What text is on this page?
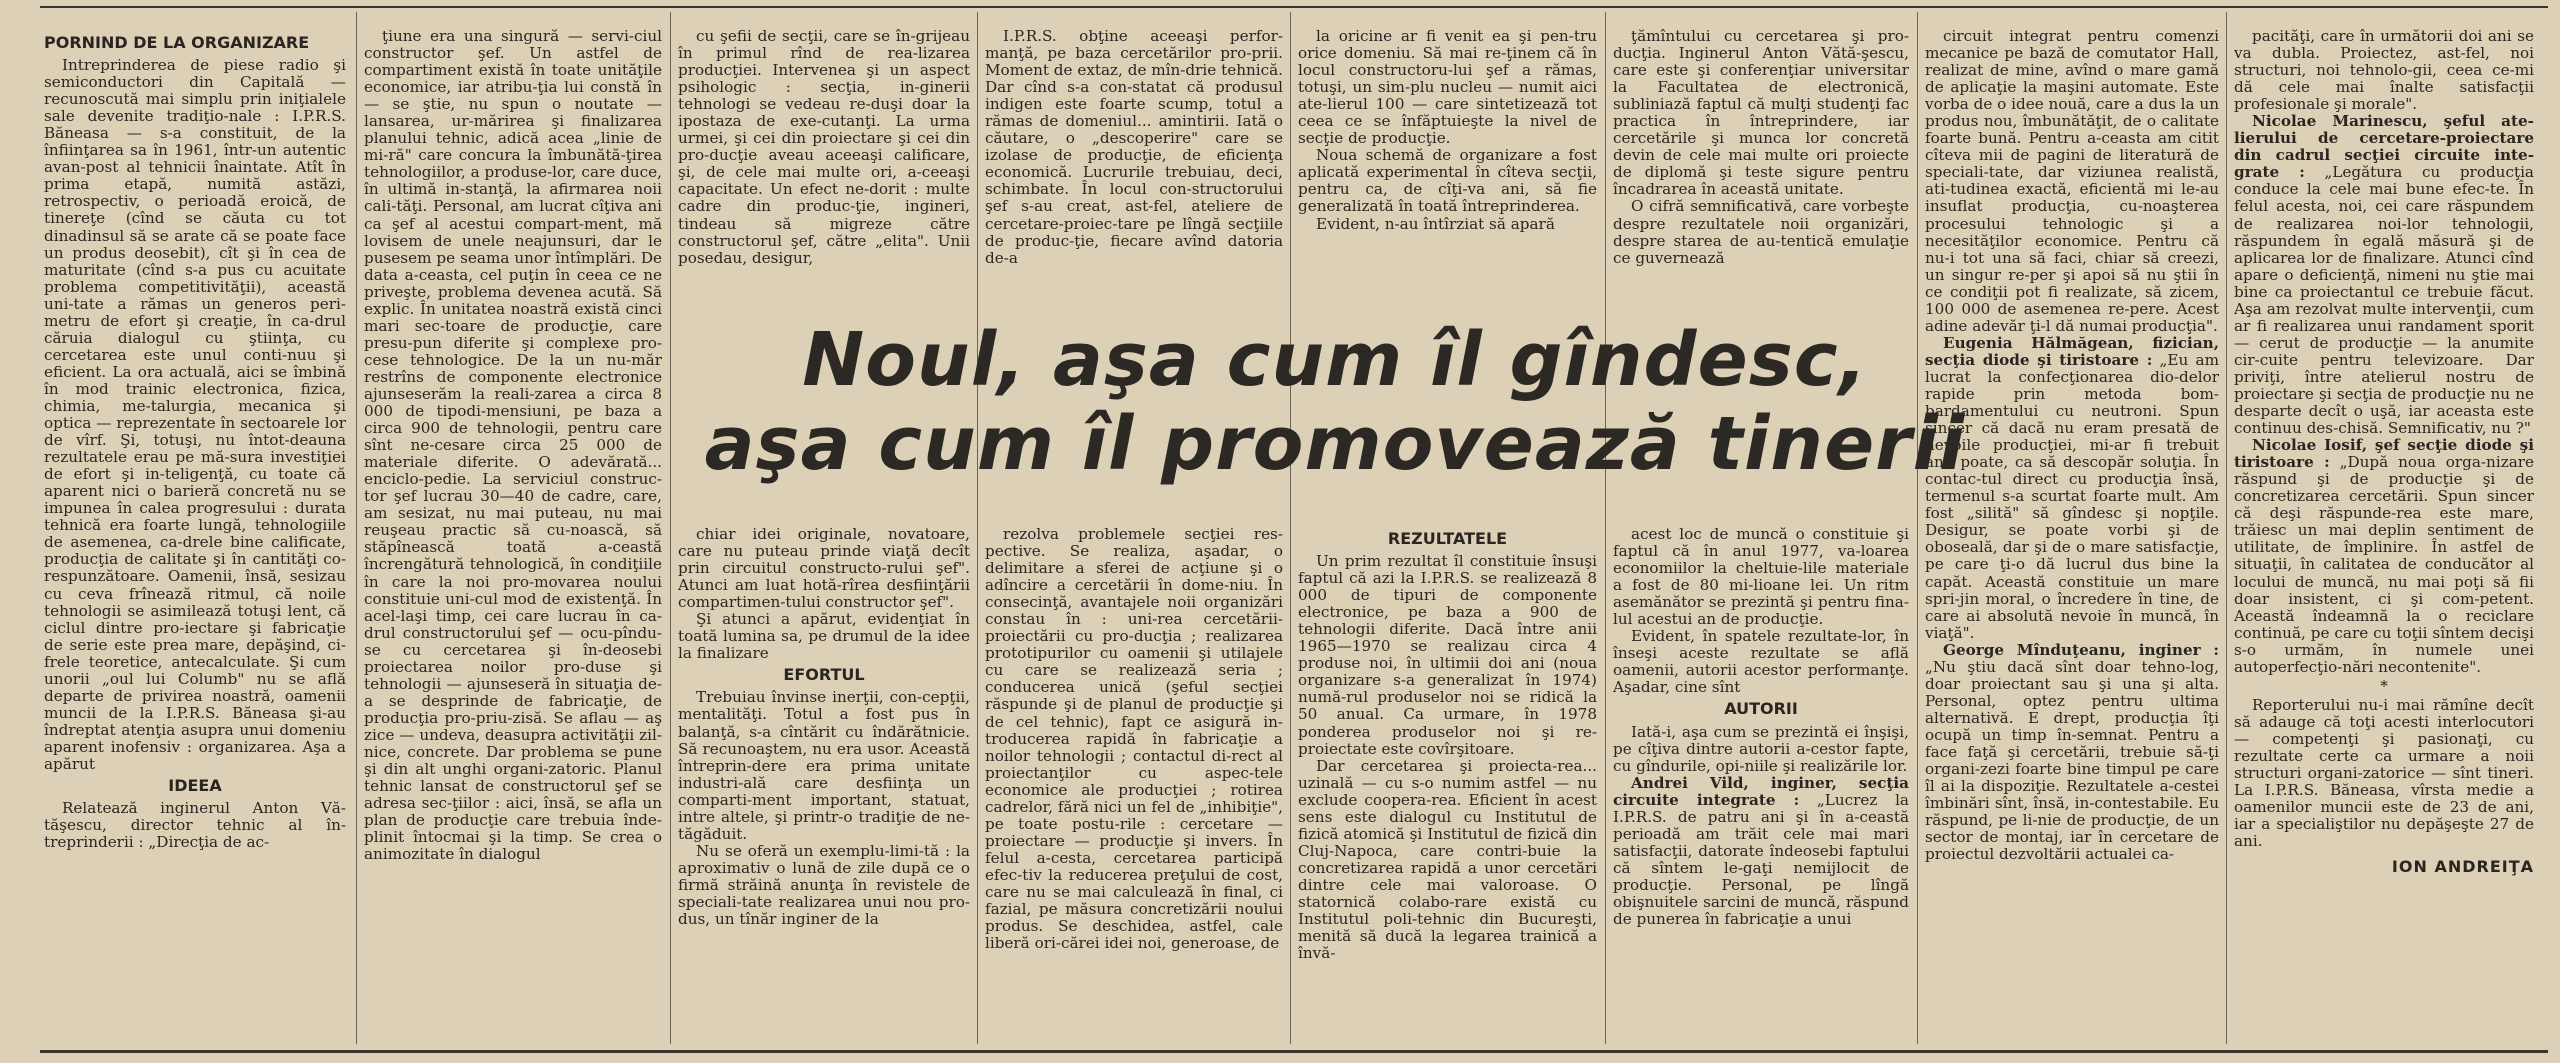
PORNIND DE LA ORGANIZARE

Intreprinderea de piese radio şi semiconductori din Capitală — recunoscută mai simplu prin iniţialele sale devenite tradiţio-nale : I.P.R.S. Băneasa — s-a constituit, de la înfiinţarea sa în 1961, într-un autentic avan-post al tehnicii înaintate. Atît în prima etapă, numită astăzi, retrospectiv, o perioadă eroică, de tinereţe (cînd se căuta cu tot dinadinsul să se arate că se poate face un produs deosebit), cît şi în cea de maturitate (cînd s-a pus cu acuitate problema competitivităţii), această uni-tate a rămas un generos peri-metru de efort şi creaţie, în ca-drul căruia dialogul cu ştiinţa, cu cercetarea este unul conti-nuu şi eficient. La ora actuală, aici se îmbină în mod trainic electronica, fizica, chimia, me-talurgia, mecanica şi optica — reprezentate în sectoarele lor de vîrf. Şi, totuşi, nu întot-deauna rezultatele erau pe mă-sura investiţiei de efort şi in-teligenţă, cu toate că aparent nici o barieră concretă nu se impunea în calea progresului : durata tehnică era foarte lungă, tehnologiile de asemenea, ca-drele bine calificate, producţia de calitate şi în cantităţi co-respunzătoare. Oamenii, însă, sesizau cu ceva frînează ritmul, că noile tehnologii se asimilează totuşi lent, că ciclul dintre pro-iectare şi fabricaţie de serie este prea mare, depăşind, ci-frele teoretice, antecalculate. Şi cum unorii „oul lui Columb" nu se află departe de privirea noastră, oamenii muncii de la I.P.R.S. Băneasa şi-au îndreptat atenţia asupra unui domeniu aparent inofensiv : organizarea. Aşa a apărut

IDEEA

Relatează inginerul Anton Vă-tăşescu, director tehnic al în-treprinderii : „Direcţia de ac-

ţiune era una singură — servi-ciul constructor şef. Un astfel de compartiment există în toate unităţile economice, iar atribu-ţia lui constă în — se ştie, nu spun o noutate — lansarea, ur-mărirea şi finalizarea planului tehnic, adică acea „linie de mi-ră" care concura la îmbunătă-ţirea tehnologiilor, a produse-lor, care duce, în ultimă in-stanţă, la afirmarea noii cali-tăţi. Personal, am lucrat cîţiva ani ca şef al acestui compart-ment, mă lovisem de unele neajunsuri, dar le pusesem pe seama unor întîmplări. De data a-ceasta, cel puţin în ceea ce ne priveşte, problema devenea acută. Să explic. În unitatea noastră există cinci mari sec-toare de producţie, care presu-pun diferite şi complexe pro-cese tehnologice. De la un nu-măr restrîns de componente electronice ajunseserăm la reali-zarea a circa 8 000 de tipodi-mensiuni, pe baza a circa 900 de tehnologii, pentru care sînt ne-cesare circa 25 000 de materiale diferite. O adevărată... enciclo-pedie. La serviciul construc-tor şef lucrau 30—40 de cadre, care, am sesizat, nu mai puteau, nu mai reuşeau practic să cu-noască, să stăpînească toată a-ceastă încrengătură tehnologică, în condiţiile în care la noi pro-movarea noului constituie uni-cul mod de existenţă. În acel-laşi timp, cei care lucrau în ca-drul constructorului şef — ocu-pîndu-se cu cercetarea şi în-deosebi proiectarea noilor pro-duse şi tehnologii — ajunseseră în situaţia de-a se desprinde de fabricaţie, de producţia pro-priu-zisă. Se aflau — aş zice — undeva, deasupra activităţii zil-nice, concrete. Dar problema se pune şi din alt unghi organi-zatoric. Planul tehnic lansat de constructorul şef se adresa sec-ţiilor : aici, însă, se afla un plan de producţie care trebuia înde-plinit întocmai şi la timp. Se crea o animozitate în dialogul

cu şefii de secţii, care se în-grijeau în primul rînd de rea-lizarea producţiei. Intervenea şi un aspect psihologic : secţia, in-ginerii tehnologi se vedeau re-duşi doar la ipostaza de exe-cutanţi. La urma urmei, şi cei din proiectare şi cei din pro-ducţie aveau aceeaşi calificare, şi, de cele mai multe ori, a-ceeaşi capacitate. Un efect ne-dorit : multe cadre din produc-ţie, ingineri, tindeau să migreze către constructorul şef, către „elita". Unii posedau, desigur,

chiar idei originale, novatoare, care nu puteau prinde viaţă decît prin circuitul constructo-rului şef". Atunci am luat hotă-rîrea desfiinţării compartimen-tului constructor şef".

Şi atunci a apărut, evidenţiat în toată lumina sa, pe drumul de la idee la finalizare

EFORTUL

Trebuiau învinse inerţii, con-cepţii, mentalităţi. Totul a fost pus în balanţă, s-a cîntărit cu îndărătnicie. Să recunoaştem, nu era usor. Această întreprin-dere era prima unitate industri-ală care desfiinţa un comparti-ment important, statuat, intre altele, şi printr-o tradiţie de ne-tăgăduit.

Nu se oferă un exemplu-limi-tă : la aproximativ o lună de zile după ce o firmă străină anunţa în revistele de speciali-tate realizarea unui nou pro-dus, un tînăr inginer de la

I.P.R.S. obţine aceeaşi perfor-manţă, pe baza cercetărilor pro-prii. Moment de extaz, de mîn-drie tehnică. Dar cînd s-a con-statat că produsul indigen este foarte scump, totul a rămas de domeniul... amintirii. Iată o căutare, o „descoperire" care se izolase de producţie, de eficienţa economică. Lucrurile trebuiau, deci, schimbate. În locul con-structorului şef s-au creat, ast-fel, ateliere de cercetare-proiec-tare pe lîngă secţiile de produc-ţie, fiecare avînd datoria de-a

rezolva problemele secţiei res-pective. Se realiza, aşadar, o delimitare a sferei de acţiune şi o adîncire a cercetării în dome-niu. În consecinţă, avantajele noii organizări constau în : uni-rea cercetării-proiectării cu pro-ducţia ; realizarea prototipurilor cu oamenii şi utilajele cu care se realizează seria ; conducerea unică (şeful secţiei răspunde şi de planul de producţie şi de cel tehnic), fapt ce asigură in-troducerea rapidă în fabricaţie a noilor tehnologii ; contactul di-rect al proiectanţilor cu aspec-tele economice ale producţiei ; rotirea cadrelor, fără nici un fel de „inhibiţie", pe toate postu-rile : cercetare — proiectare — producţie şi invers. În felul a-cesta, cercetarea participă efec-tiv la reducerea preţului de cost, care nu se mai calculează în final, ci fazial, pe măsura concretizării noului produs. Se deschidea, astfel, cale liberă ori-cărei idei noi, generoase, de

la oricine ar fi venit ea şi pen-tru orice domeniu. Să mai re-ţinem că în locul constructoru-lui şef a rămas, totuşi, un sim-plu nucleu — numit aici ate-lierul 100 — care sintetizează tot ceea ce se înfăptuieşte la nivel de secţie de producţie.

Noua schemă de organizare a fost aplicată experimental în cîteva secţii, pentru ca, de cîţi-va ani, să fie generalizată în toată întreprinderea.

Evident, n-au întîrziat să apară

REZULTATELE

Un prim rezultat îl constituie însuşi faptul că azi la I.P.R.S. se realizează 8 000 de tipuri de componente electronice, pe baza a 900 de tehnologii diferite. Dacă între anii 1965—1970 se realizau circa 4 produse noi, în ultimii doi ani (noua organizare s-a generalizat în 1974) numă-rul produselor noi se ridică la 50 anual. Ca urmare, în 1978 ponderea produselor noi şi re-proiectate este covîrşitoare.

Dar cercetarea şi proiecta-rea... uzinală — cu s-o numim astfel — nu exclude coopera-rea. Eficient în acest sens este dialogul cu Institutul de fizică atomică şi Institutul de fizică din Cluj-Napoca, care contri-buie la concretizarea rapidă a unor cercetări dintre cele mai valoroase. O statornică colabo-rare există cu Institutul poli-tehnic din Bucureşti, menită să ducă la legarea trainică a învă-

ţămîntului cu cercetarea şi pro-ducţia. Inginerul Anton Vătă-şescu, care este şi conferenţiar universitar la Facultatea de electronică, subliniază faptul că mulţi studenţi fac practica în întreprindere, iar cercetările şi munca lor concretă devin de cele mai multe ori proiecte de diplomă şi teste sigure pentru încadrarea în această unitate.

O cifră semnificativă, care vorbeşte despre rezultatele noii organizări, despre starea de au-tentică emulaţie ce guvernează

acest loc de muncă o constituie şi faptul că în anul 1977, va-loarea economiilor la cheltuie-lile materiale a fost de 80 mi-lioane lei. Un ritm asemănător se prezintă şi pentru fina-lul acestui an de producţie.

Evident, în spatele rezultate-lor, în înseşi aceste rezultate se află oamenii, autorii acestor performanţe. Aşadar, cine sînt

AUTORII

Iată-i, aşa cum se prezintă ei înşişi, pe cîţiva dintre autorii a-cestor fapte, cu gîndurile, opi-niile şi realizările lor.

Andrei Vild, inginer, secţia circuite integrate : „Lucrez la I.P.R.S. de patru ani şi în a-ceastă perioadă am trăit cele mai mari satisfacţii, datorate îndeosebi faptului că sîntem le-gaţi nemijlocit de producţie. Personal, pe lîngă obişnuitele sarcini de muncă, răspund de punerea în fabricaţie a unui

circuit integrat pentru comenzi mecanice pe bază de comutator Hall, realizat de mine, avînd o mare gamă de aplicaţie la maşini automate. Este vorba de o idee nouă, care a dus la un produs nou, îmbunătăţit, de o calitate foarte bună. Pentru a-ceasta am citit cîteva mii de pagini de literatură de speciali-tate, dar viziunea realistă, ati-tudinea exactă, eficientă mi le-au insuflat producţia, cu-noaşterea procesului tehnologic şi a necesităţilor economice. Pentru că nu-i tot una să faci, chiar să creezi, un singur re-per şi apoi să nu ştii în ce condiţii pot fi realizate, să zicem, 100 000 de asemenea re-pere. Acest adine adevăr ţi-l dă numai producţia".

Eugenia Hălmăgean, fizician, secţia diode şi tiristoare : „Eu am lucrat la confecţionarea dio-delor rapide prin metoda bom-bardamentului cu neutroni. Spun sincer că dacă nu eram presată de nevoile producţiei, mi-ar fi trebuit ani, poate, ca să descopăr soluţia. În contac-tul direct cu producţia însă, termenul s-a scurtat foarte mult. Am fost „silită" să gîndesc şi nopţile. Desigur, se poate vorbi şi de oboseală, dar şi de o mare satisfacţie, pe care ţi-o dă lucrul dus bine la capăt. Această constituie un mare spri-jin moral, o încredere în tine, de care ai absolută nevoie în muncă, în viaţă".

George Mînduţeanu, inginer : „Nu ştiu dacă sînt doar tehno-log, doar proiectant sau şi una şi alta. Personal, optez pentru ultima alternativă. E drept, producţia îţi ocupă un timp în-semnat. Pentru a face faţă şi cercetării, trebuie să-ţi organi-zezi foarte bine timpul pe care îl ai la dispoziţie. Rezultatele a-cestei îmbinări sînt, însă, in-contestabile. Eu răspund, pe li-nie de producţie, de un sector de montaj, iar în cercetare de proiectul dezvoltării actualei ca-

pacităţi, care în următorii doi ani se va dubla. Proiectez, ast-fel, noi structuri, noi tehnolo-gii, ceea ce-mi dă cele mai înalte satisfacţii profesionale şi morale".

Nicolae Marinescu, şeful ate-lierului de cercetare-proiectare din cadrul secţiei circuite inte-grate : „Legătura cu producţia conduce la cele mai bune efec-te. În felul acesta, noi, cei care răspundem de realizarea noi-lor tehnologii, răspundem în egală măsură şi de aplicarea lor de finalizare. Atunci cînd apare o deficienţă, nimeni nu ştie mai bine ca proiectantul ce trebuie făcut. Aşa am rezolvat multe intervenţii, cum ar fi realizarea unui randament sporit — cerut de producţie — la anumite cir-cuite pentru televizoare. Dar priviţi, între atelierul nostru de proiectare şi secţia de producţie nu ne desparte decît o uşă, iar aceasta este continuu des-chisă. Semnificativ, nu ?"

Nicolae Iosif, şef secţie diode şi tiristoare : „După noua orga-nizare răspund şi de producţie şi de concretizarea cercetării. Spun sincer că deşi răspunde-rea este mare, trăiesc un mai deplin sentiment de utilitate, de împlinire. În astfel de situaţii, în calitatea de conducător al locului de muncă, nu mai poţi să fii doar insistent, ci şi com-petent. Această îndeamnă la o reciclare continuă, pe care cu toţii sîntem decişi s-o urmăm, în numele unei autoperfecţio-nări necontenite".

*

Reporterului nu-i mai rămîne decît să adauge că toţi acesti interlocutori — competenţi şi pasionaţi, cu rezultate certe ca urmare a noii structuri organi-zatorice — sînt tineri. La I.P.R.S. Băneasa, vîrsta medie a oamenilor muncii este de 23 de ani, iar a specialiştilor nu depăşeşte 27 de ani.

ION ANDREIŢA

Noul, aşa cum îl gîndesc,
aşa cum îl promovează tinerii
